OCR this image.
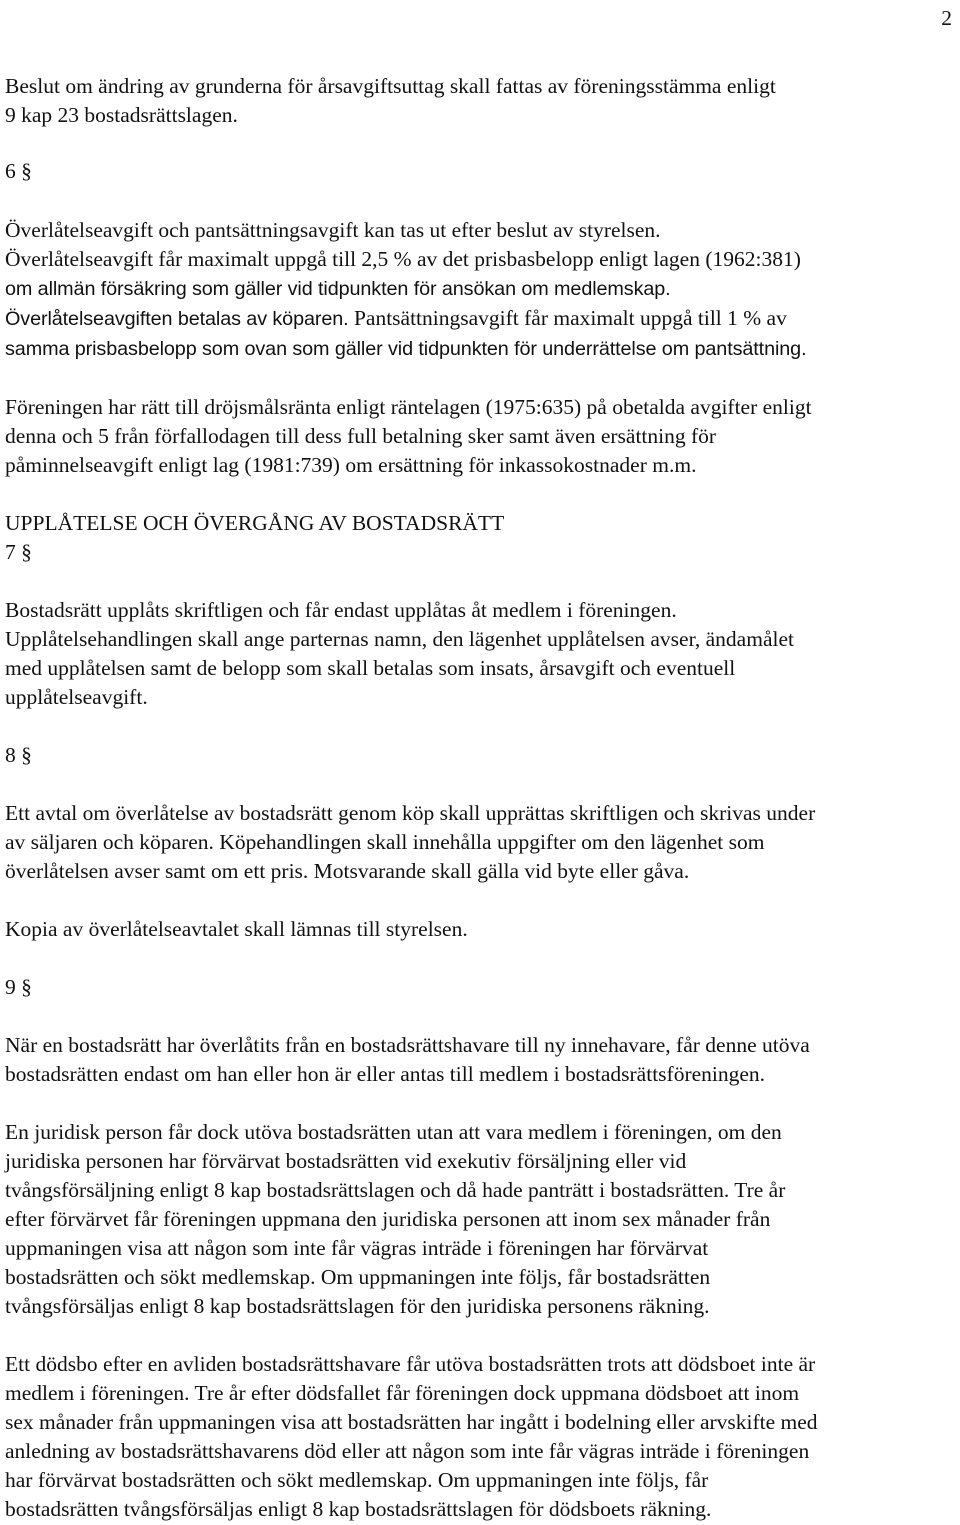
2

Beslut om ändring av grunderna för årsavgiftsuttag skall fattas av föreningsstämma enligt
9 kap 23 bostadsrättslagen.

6 §

Överlåtelseavgift och pantsättningsavgift kan tas ut efter beslut av styrelsen.
Överlåtelseavgift får maximalt uppgå till 2,5 % av det prisbasbelopp enligt lagen (1962:381)
om allmän försäkring som gäller vid tidpunkten för ansökan om medlemskap.
Överlåtelseavgiften betalas av köparen. Pantsättningsavgift får maximalt uppgå till 1 % av
samma prisbasbelopp som ovan som gäller vid tidpunkten för underrättelse om pantsättning.

Föreningen har rätt till dröjsmålsränta enligt räntelagen (1975:635) på obetalda avgifter enligt
denna och 5 från förfallodagen till dess full betalning sker samt även ersättning för
påminnelseavgift enligt lag (1981:739) om ersättning för inkassokostnader m.m.

UPPLÅTELSE OCH ÖVERGÅNG AV BOSTADSRÄTT

7 §

Bostadsrätt upplåts skriftligen och får endast upplåtas åt medlem i föreningen.
Upplåtelsehandlingen skall ange parternas namn, den lägenhet upplåtelsen avser, ändamålet
med upplåtelsen samt de belopp som skall betalas som insats, årsavgift och eventuell
upplåtelseavgift.

8 §

Ett avtal om överlåtelse av bostadsrätt genom köp skall upprättas skriftligen och skrivas under
av säljaren och köparen. Köpehandlingen skall innehålla uppgifter om den lägenhet som
överlåtelsen avser samt om ett pris. Motsvarande skall gälla vid byte eller gåva.

Kopia av överlåtelseavtalet skall lämnas till styrelsen.

9 §

När en bostadsrätt har överlåtits från en bostadsrättshavare till ny innehavare, får denne utöva
bostadsrätten endast om han eller hon är eller antas till medlem i bostadsrättsföreningen.

En juridisk person får dock utöva bostadsrätten utan att vara medlem i föreningen, om den
juridiska personen har förvärvat bostadsrätten vid exekutiv försäljning eller vid
tvångsförsäljning enligt 8 kap bostadsrättslagen och då hade panträtt i bostadsrätten. Tre år
efter förvärvet får föreningen uppmana den juridiska personen att inom sex månader från
uppmaningen visa att någon som inte får vägras inträde i föreningen har förvärvat
bostadsrätten och sökt medlemskap. Om uppmaningen inte följs, får bostadsrätten
tvångsförsäljas enligt 8 kap bostadsrättslagen för den juridiska personens räkning.

Ett dödsbo efter en avliden bostadsrättshavare får utöva bostadsrätten trots att dödsboet inte är
medlem i föreningen. Tre år efter dödsfallet får föreningen dock uppmana dödsboet att inom
sex månader från uppmaningen visa att bostadsrätten har ingått i bodelning eller arvskifte med
anledning av bostadsrättshavarens död eller att någon som inte får vägras inträde i föreningen
har förvärvat bostadsrätten och sökt medlemskap. Om uppmaningen inte följs, får
bostadsrätten tvångsförsäljas enligt 8 kap bostadsrättslagen för dödsboets räkning.
